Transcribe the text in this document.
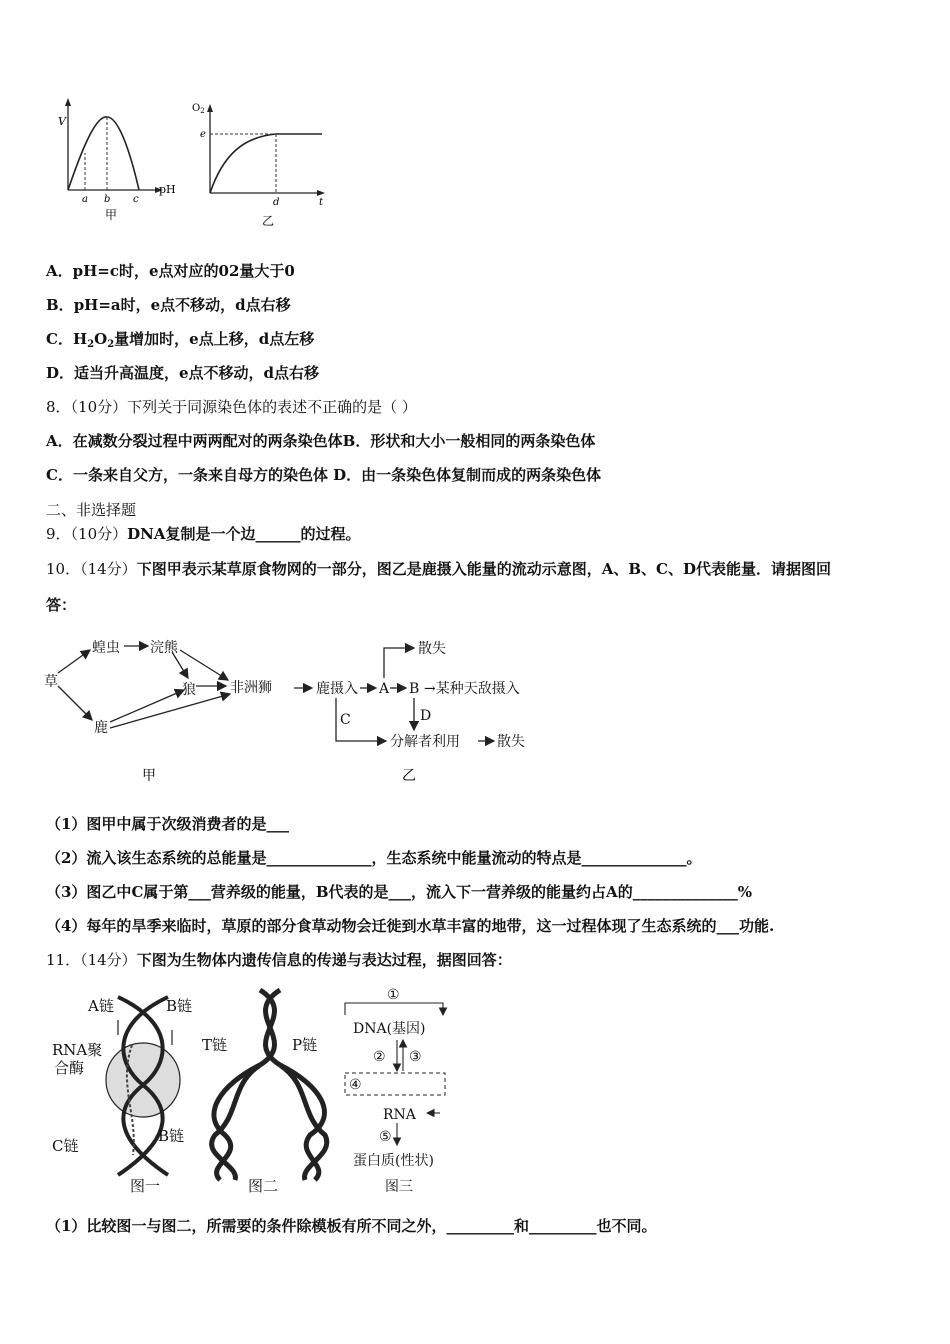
V
pH
a b c
甲
$O_2$
e
d	t
乙
A．pH=c时，e点对应的02量大于0
B．pH=a时，e点不移动，d点右移
C．$H_2O_2$量增加时，e点上移，d点左移
D．适当升高温度，e点不移动，d点右移
8．（10分）下列关于同源染色体的表述不正确的是（ ）
A．在减数分裂过程中两两配对的两条染色体B．形状和大小一般相同的两条染色体
C．一条来自父方，一条来自母方的染色体 D．由一条染色体复制而成的两条染色体
二、非选择题
9．（10分）DNA复制是一个边______的过程。
10．（14分）下图甲表示某草原食物网的一部分，图乙是鹿摄入能量的流动示意图，A、B、C、D代表能量．请据图回
答：
草
蝗虫 浣熊
狼 非洲狮
鹿
甲
鹿摄入 A B →某种天敌摄入
散失
C	D
分解者利用	散失
乙
（1）图甲中属于次级消费者的是___
（2）流入该生态系统的总能量是______________，生态系统中能量流动的特点是______________。
（3）图乙中C属于第___营养级的能量，B代表的是___，流入下一营养级的能量约占A的______________%
（4）每年的旱季来临时，草原的部分食草动物会迁徙到水草丰富的地带，这一过程体现了生态系统的___功能.
11．（14分）下图为生物体内遗传信息的传递与表达过程，据图回答：
A链	B链
RNA聚
合酶
C链
B链
图一
T链	P链
图二
①
DNA(基因)
② ③
④
RNA
⑤
蛋白质(性状)
图三
（1）比较图一与图二，所需要的条件除模板有所不同之外，_________和_________也不同。
